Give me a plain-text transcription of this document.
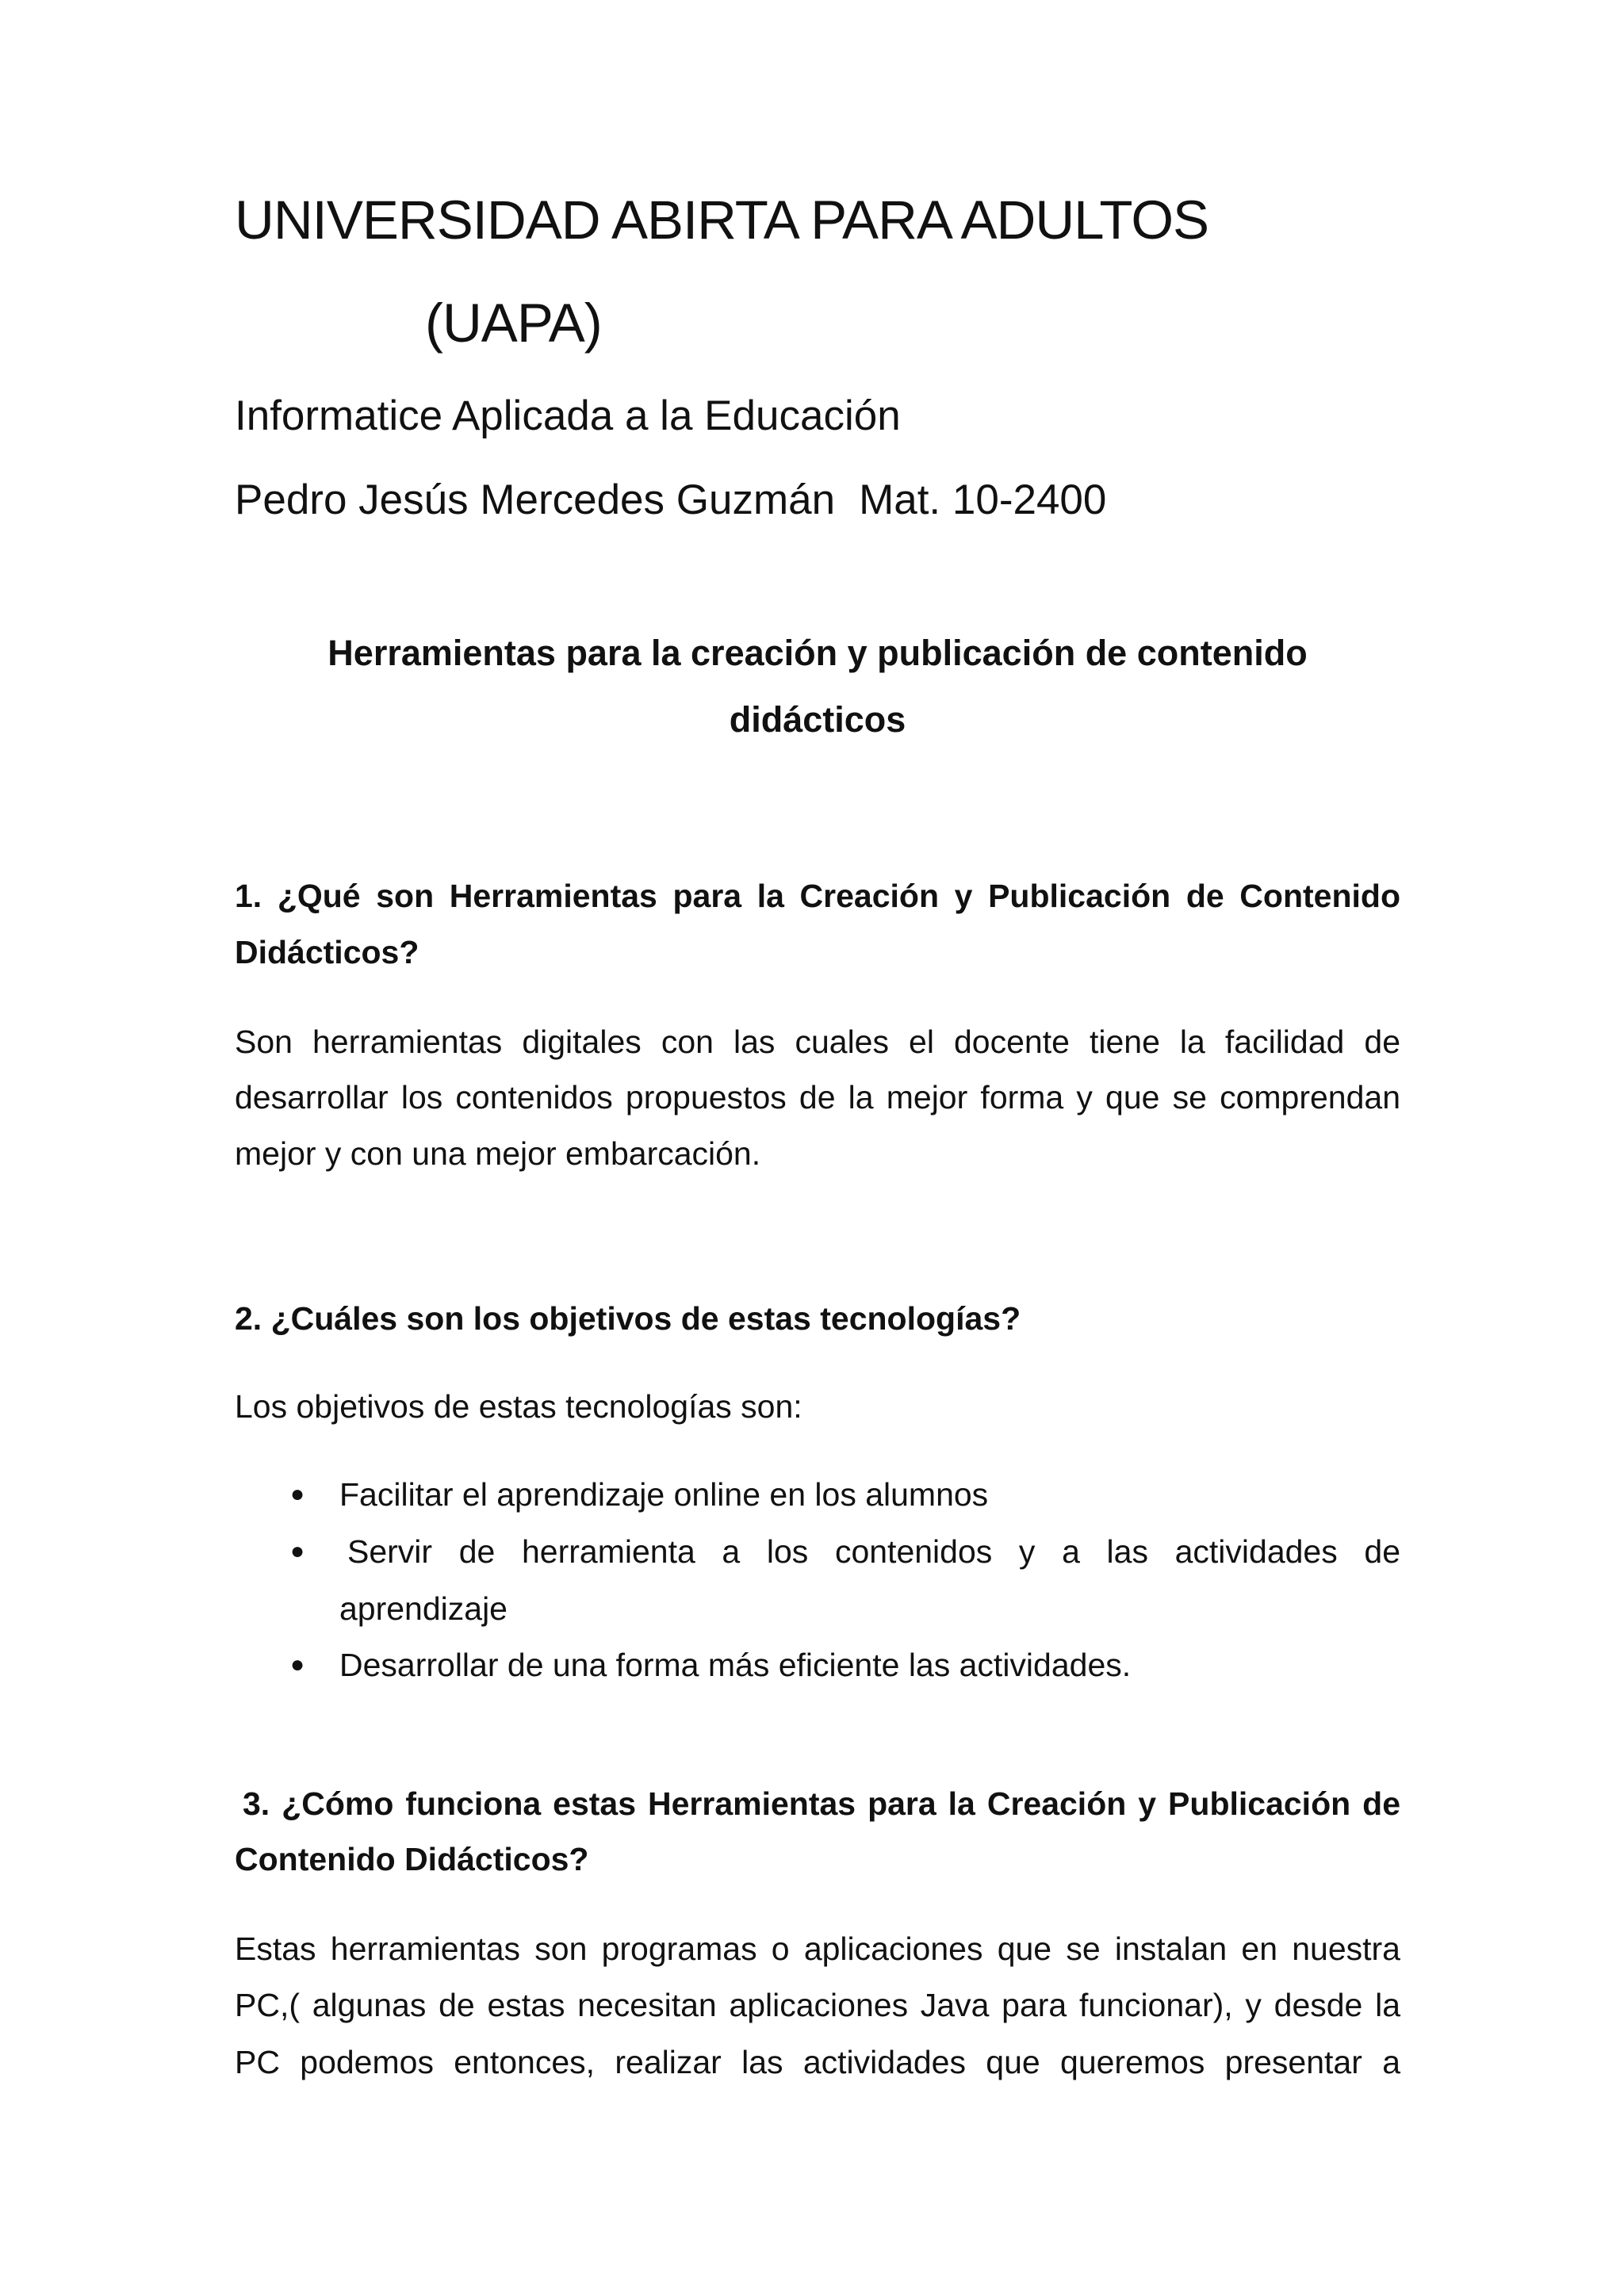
UNIVERSIDAD ABIRTA PARA ADULTOS
(UAPA)
Informatice Aplicada a la Educación
Pedro Jesús Mercedes Guzmán Mat. 10-2400
Herramientas para la creación y publicación de contenido
didácticos
1. ¿Qué son Herramientas para la Creación y Publicación de Contenido
Didácticos?
Son herramientas digitales con las cuales el docente tiene la facilidad de
desarrollar los contenidos propuestos de la mejor forma y que se comprendan
mejor y con una mejor embarcación.
2. ¿Cuáles son los objetivos de estas tecnologías?
Los objetivos de estas tecnologías son:
● Facilitar el aprendizaje online en los alumnos
● Servir de herramienta a los contenidos y a las actividades de
aprendizaje
● Desarrollar de una forma más eficiente las actividades.
3. ¿Cómo funciona estas Herramientas para la Creación y Publicación de
Contenido Didácticos?
Estas herramientas son programas o aplicaciones que se instalan en nuestra
PC,( algunas de estas necesitan aplicaciones Java para funcionar), y desde la
PC podemos entonces, realizar las actividades que queremos presentar a
